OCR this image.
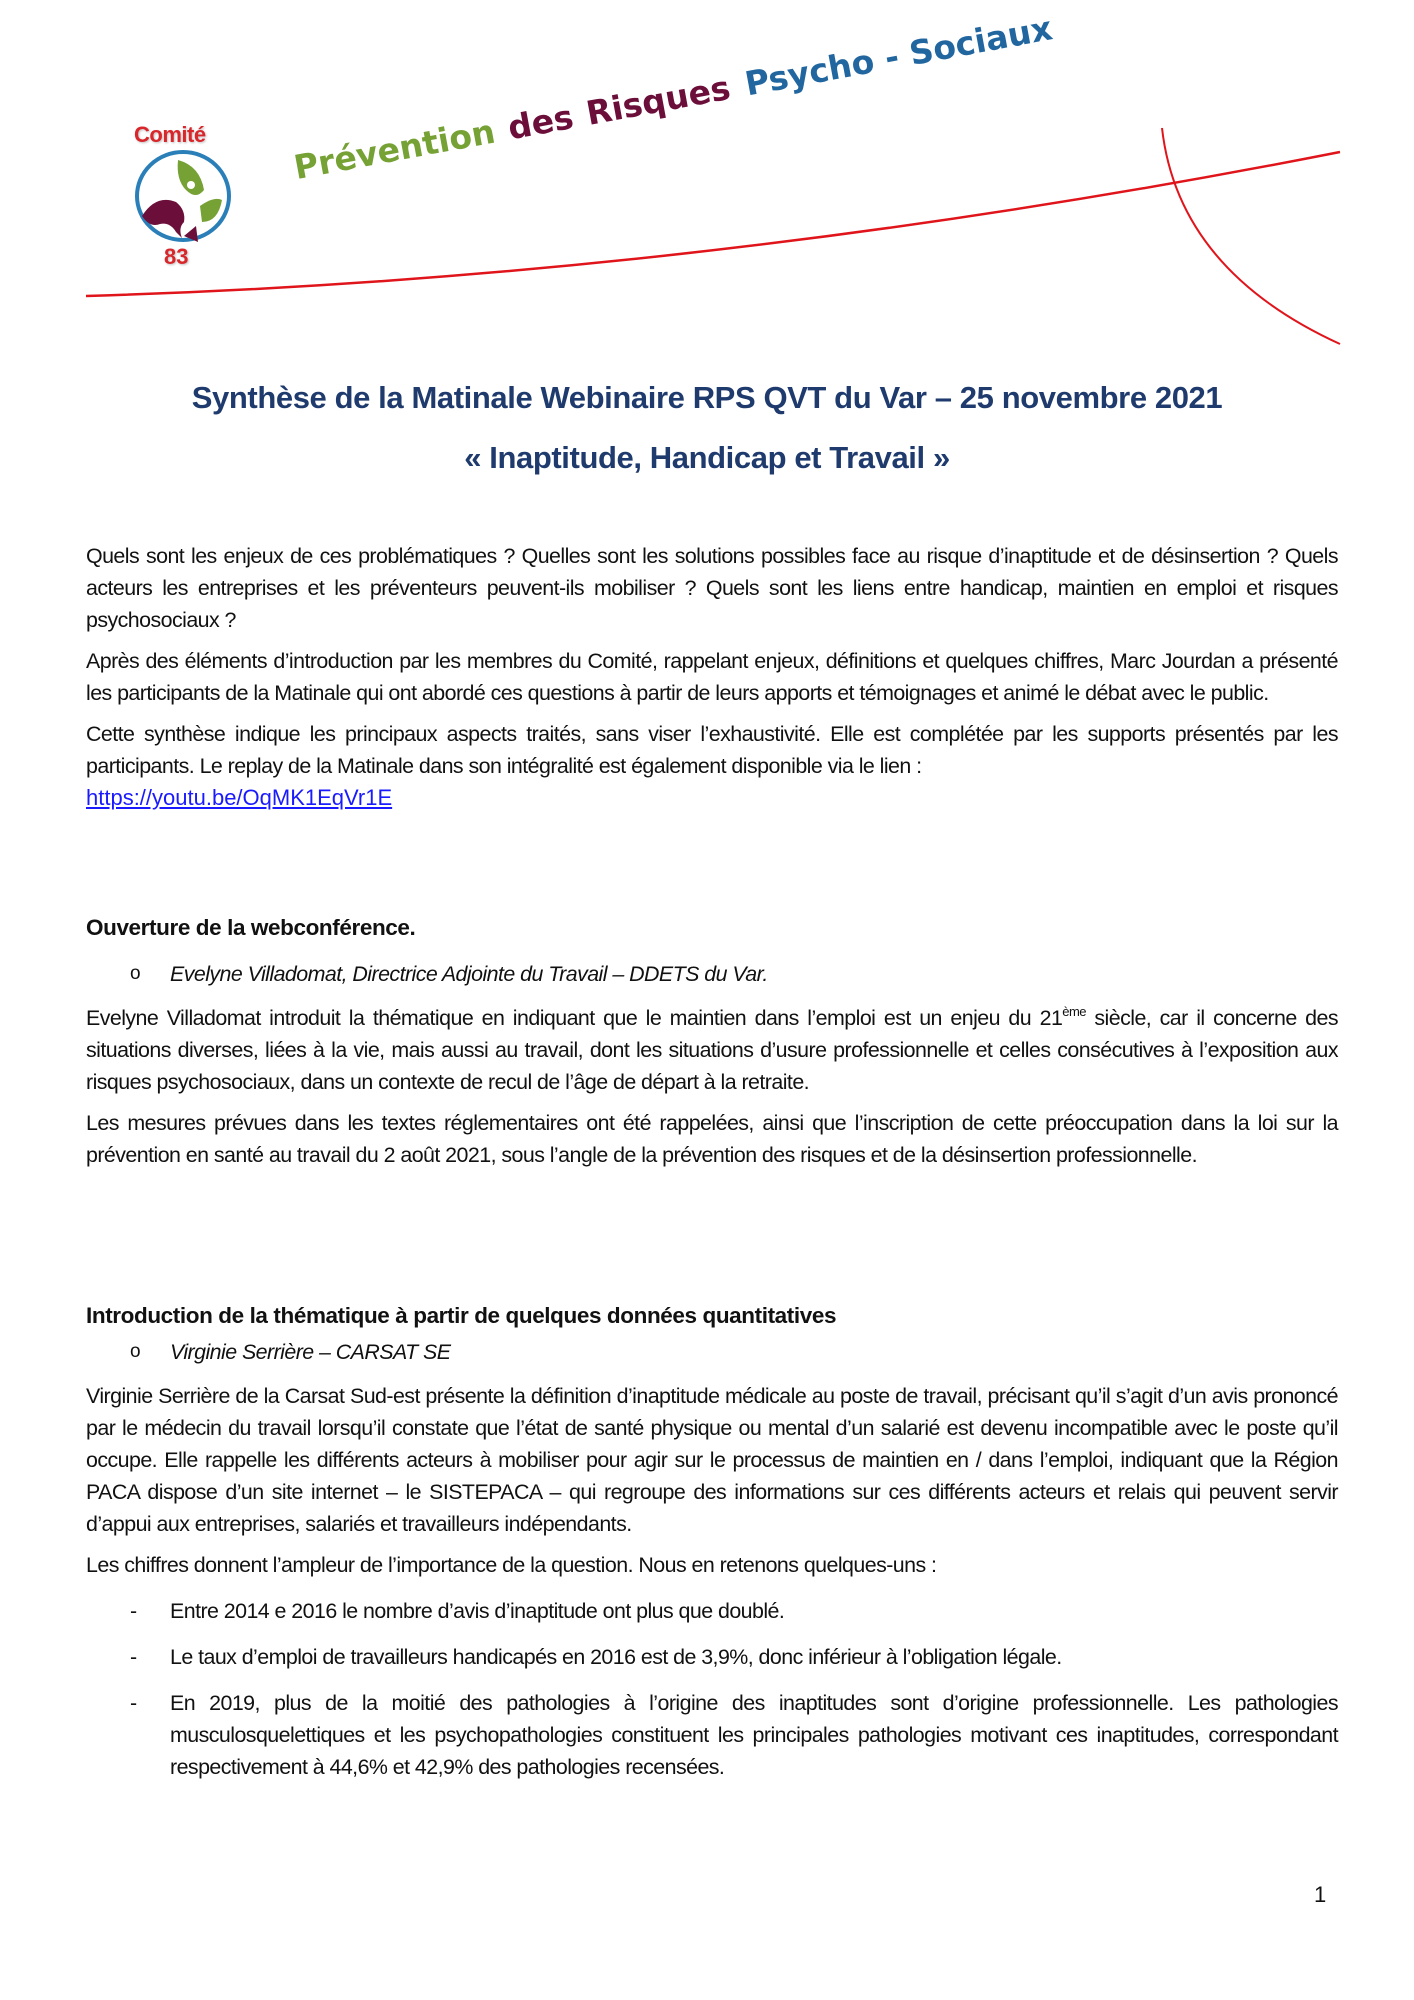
Comité
83
Prévention des Risques Psycho - Sociaux
Synthèse de la Matinale Webinaire RPS QVT du Var – 25 novembre 2021
« Inaptitude, Handicap et Travail »

Quels sont les enjeux de ces problématiques ? Quelles sont les solutions possibles face au risque d’inaptitude et de désinsertion ? Quels acteurs les entreprises et les préventeurs peuvent-ils mobiliser ? Quels sont les liens entre handicap, maintien en emploi et risques psychosociaux ?

Après des éléments d’introduction par les membres du Comité, rappelant enjeux, définitions et quelques chiffres, Marc Jourdan a présenté les participants de la Matinale qui ont abordé ces questions à partir de leurs apports et témoignages et animé le débat avec le public.

Cette synthèse indique les principaux aspects traités, sans viser l’exhaustivité. Elle est complétée par les supports présentés par les participants. Le replay de la Matinale dans son intégralité est également disponible via le lien :

https://youtu.be/OqMK1EqVr1E

Ouverture de la webconférence.

o Evelyne Villadomat, Directrice Adjointe du Travail – DDETS du Var.

Evelyne Villadomat introduit la thématique en indiquant que le maintien dans l’emploi est un enjeu du 21ème siècle, car il concerne des situations diverses, liées à la vie, mais aussi au travail, dont les situations d’usure professionnelle et celles consécutives à l’exposition aux risques psychosociaux, dans un contexte de recul de l’âge de départ à la retraite.

Les mesures prévues dans les textes réglementaires ont été rappelées, ainsi que l’inscription de cette préoccupation dans la loi sur la prévention en santé au travail du 2 août 2021, sous l’angle de la prévention des risques et de la désinsertion professionnelle.

Introduction de la thématique à partir de quelques données quantitatives

o Virginie Serrière – CARSAT SE

Virginie Serrière de la Carsat Sud-est présente la définition d’inaptitude médicale au poste de travail, précisant qu’il s’agit d’un avis prononcé par le médecin du travail lorsqu’il constate que l’état de santé physique ou mental d’un salarié est devenu incompatible avec le poste qu’il occupe. Elle rappelle les différents acteurs à mobiliser pour agir sur le processus de maintien en / dans l’emploi, indiquant que la Région PACA dispose d’un site internet – le SISTEPACA – qui regroupe des informations sur ces différents acteurs et relais qui peuvent servir d’appui aux entreprises, salariés et travailleurs indépendants.

Les chiffres donnent l’ampleur de l’importance de la question. Nous en retenons quelques-uns :

- Entre 2014 e 2016 le nombre d’avis d’inaptitude ont plus que doublé.
- Le taux d’emploi de travailleurs handicapés en 2016 est de 3,9%, donc inférieur à l’obligation légale.
- En 2019, plus de la moitié des pathologies à l’origine des inaptitudes sont d’origine professionnelle. Les pathologies musculosquelettiques et les psychopathologies constituent les principales pathologies motivant ces inaptitudes, correspondant respectivement à 44,6% et 42,9% des pathologies recensées.
1
